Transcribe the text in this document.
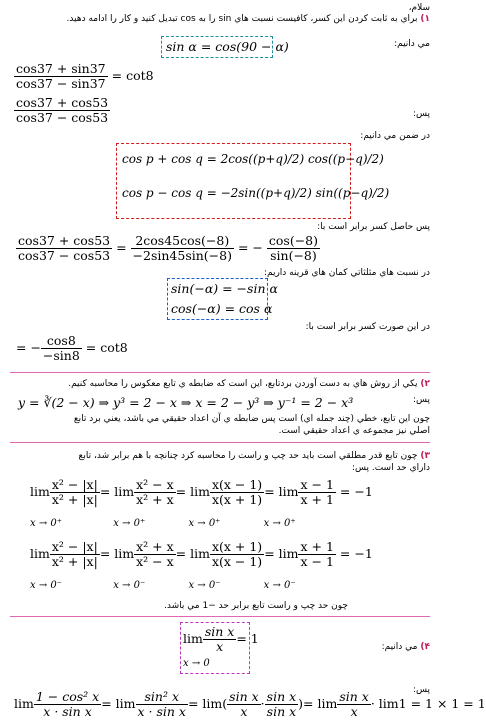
سلام،
۱) براي به ثابت كردن اين كسر، كافيست نسبت هاي sin را به cos تبديل كنيد و كار را ادامه دهيد.
مي دانيم:
sin α = cos(90 − α)
$\frac{\cos 37 + \sin 37}{\cos 37 - \sin 37} = \cot 8$
$\frac{\cos 37 + \cos 53}{\cos 37 - \cos 53}$	پس:
در ضمن مي دانيم:
cos p + cos q = 2cos((p+q)/2) cos((p−q)/2)
cos p − cos q = −2sin((p+q)/2) sin((p−q)/2)
پس حاصل كسر برابر است با:
$\frac{\cos 37 + \cos 53}{\cos 37 - \cos 53} = \frac{2\cos 45\cos(-8)}{-2\sin 45\sin(-8)}$ = − $\frac{\cos(-8)}{\sin(-8)}$
در نسبت هاي مثلثاتي كمان هاي قرينه داريم:
sin(−α) = −sin α
cos(−α) = cos α
در اين صورت كسر برابر است با:
= − $\frac{\cos 8}{-\sin 8} = \cot 8$
۲) يكي از روش هاي به دست آوردن بردتابع، اين است كه ضابطه ي تابع معكوس را محاسبه كنيم.
پس:
y = ∛(2 − x) ⇒ y³ = 2 − x ⇒ x = 2 − y³ ⇒ y⁻¹ = 2 − x³
چون اين تابع، خطي (چند جمله اي) است پس ضابطه ي آن اعداد حقيقي مي باشد، يعني برد تابع
اصلي نيز مجموعه ي اعداد حقيقي است.
۳) چون تابع قدر مطلقي است بايد حد چپ و راست را محاسبه كرد چنانچه با هم برابر شد، تابع
داراي حد است. پس:
$\lim \frac{\text{x² − |x|}}{\text{x² + |x|}} = \lim \frac{\text{x² − x}}{\text{x² + x}} = \lim \frac{x(x - 1)}{x(x + 1)} = \lim \frac{x - 1}{x + 1} = -1$
x → 0⁺	x → 0⁺	x → 0⁺	x → 0⁺
$\lim \frac{\text{x² − |x|}}{\text{x² + |x|}} = \lim \frac{\text{x² + x}}{\text{x² − x}} = \lim \frac{x(x + 1)}{x(x - 1)} = \lim \frac{x + 1}{x - 1} = -1$
x → 0⁻	x → 0⁻	x → 0⁻	x → 0⁻
چون حد چپ و راست تابع برابر حد −1 مي باشد.
$\lim \frac{\text{sin x}}{x} = 1$
x → 0
۴) مي دانيم:
پس:
$\lim \frac{\text{1 − cos² x}}{\text{x · sin x}} = \lim \frac{\text{sin² x}}{\text{x · sin x}} = \lim( \frac{\text{sin x}}{x} \cdot \frac{\text{sin x}}{\text{sin x}}$ )= $\lim \frac{\text{sin x}}{x} \cdot \lim 1 = 1 \times 1 = 1$
